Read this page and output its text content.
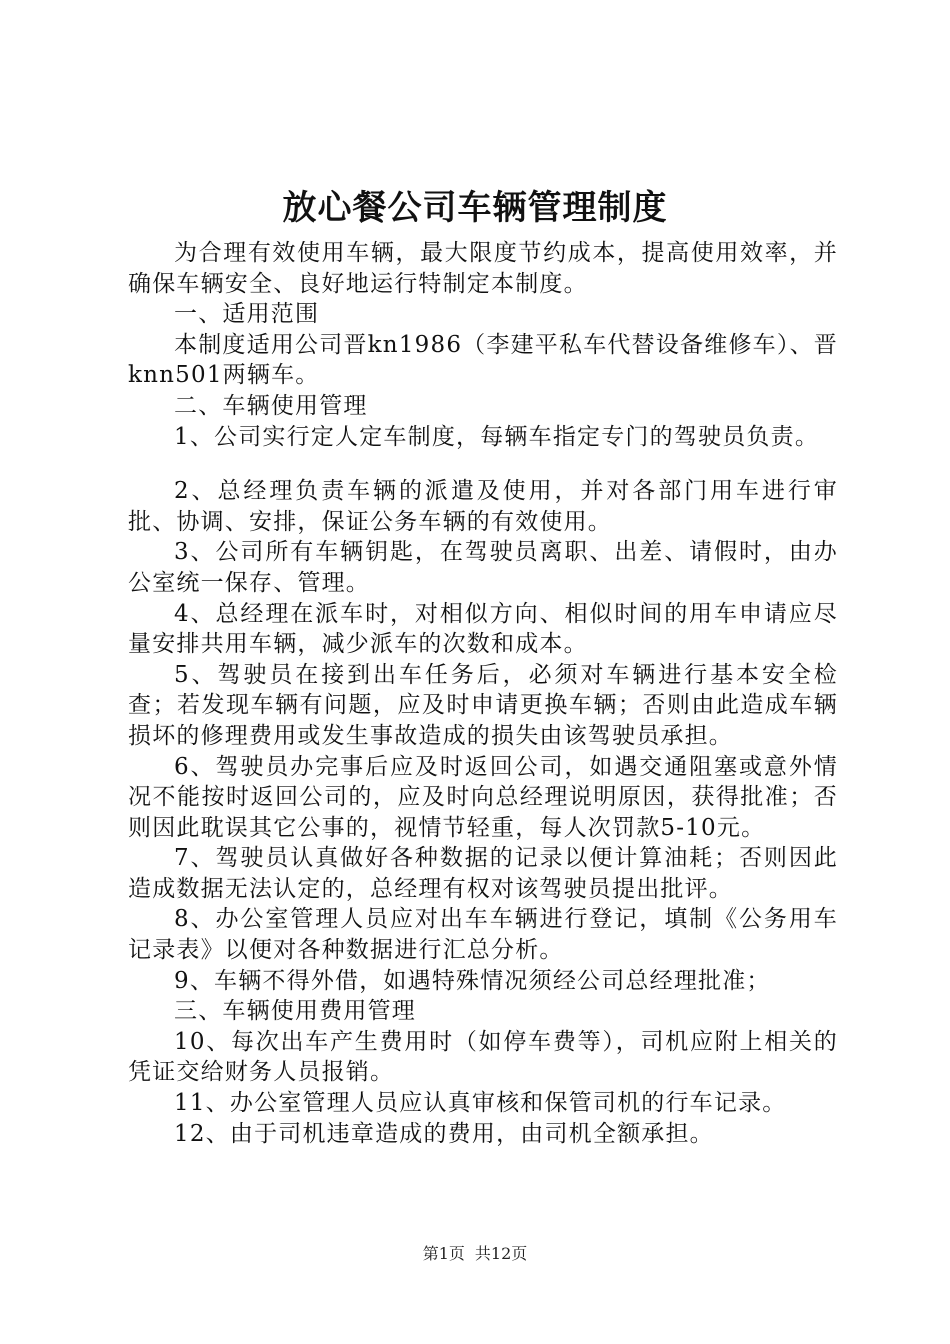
放心餐公司车辆管理制度

为合理有效使用车辆，最大限度节约成本，提高使用效率，并确保车辆安全、良好地运行特制定本制度。

一、适用范围

本制度适用公司晋kn1986（李建平私车代替设备维修车）、晋knn501两辆车。

二、车辆使用管理

1、公司实行定人定车制度，每辆车指定专门的驾驶员负责。

2、总经理负责车辆的派遣及使用，并对各部门用车进行审批、协调、安排，保证公务车辆的有效使用。

3、公司所有车辆钥匙，在驾驶员离职、出差、请假时，由办公室统一保存、管理。

4、总经理在派车时，对相似方向、相似时间的用车申请应尽量安排共用车辆，减少派车的次数和成本。

5、驾驶员在接到出车任务后，必须对车辆进行基本安全检查；若发现车辆有问题，应及时申请更换车辆；否则由此造成车辆损坏的修理费用或发生事故造成的损失由该驾驶员承担。

6、驾驶员办完事后应及时返回公司，如遇交通阻塞或意外情况不能按时返回公司的，应及时向总经理说明原因，获得批准；否则因此耽误其它公事的，视情节轻重，每人次罚款5-10元。

7、驾驶员认真做好各种数据的记录以便计算油耗；否则因此造成数据无法认定的，总经理有权对该驾驶员提出批评。

8、办公室管理人员应对出车车辆进行登记，填制《公务用车记录表》以便对各种数据进行汇总分析。

9、车辆不得外借，如遇特殊情况须经公司总经理批准；

三、车辆使用费用管理

10、每次出车产生费用时（如停车费等），司机应附上相关的凭证交给财务人员报销。

11、办公室管理人员应认真审核和保管司机的行车记录。

12、由于司机违章造成的费用，由司机全额承担。

第1页 共12页
